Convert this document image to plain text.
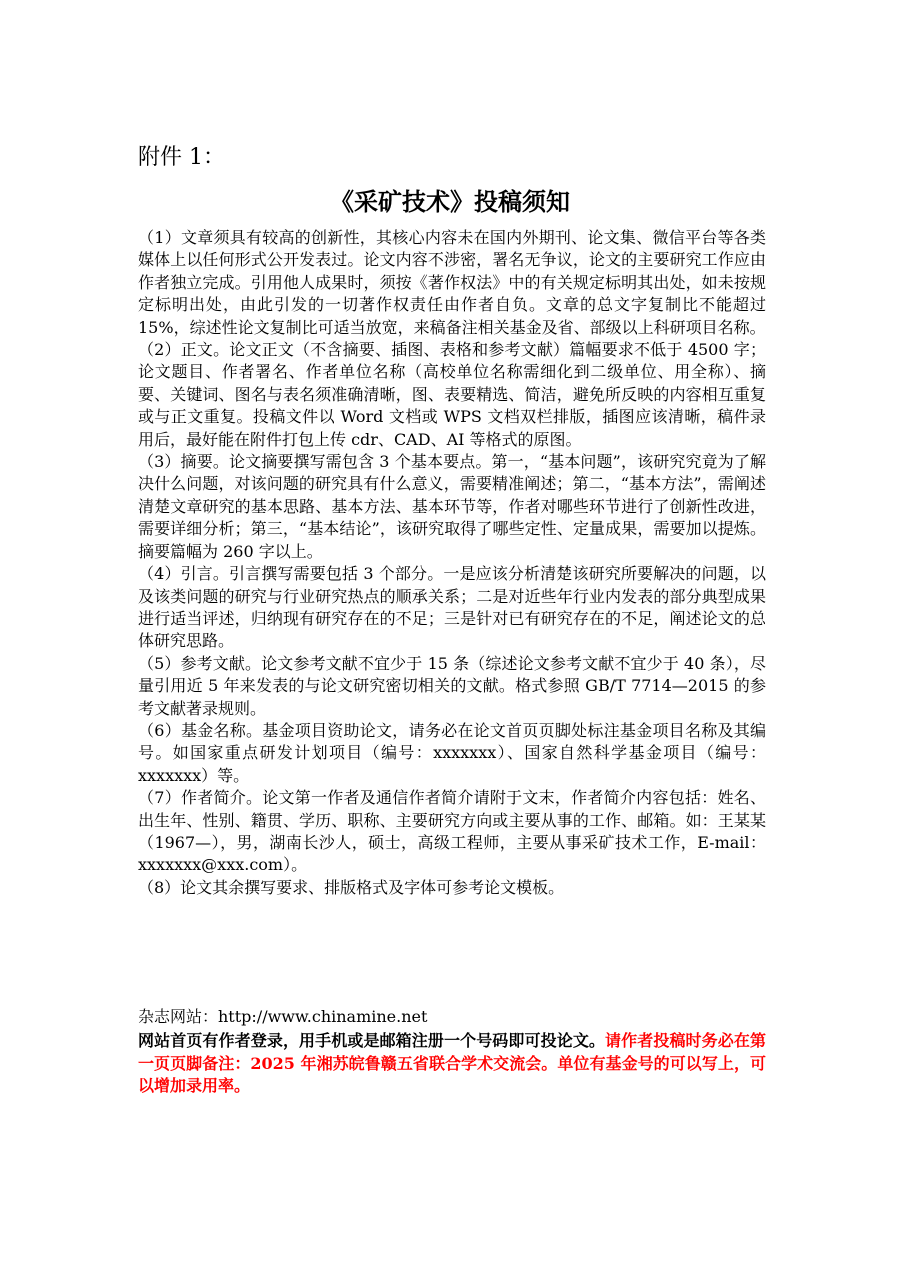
附件 1：
《采矿技术》投稿须知

（1）文章须具有较高的创新性，其核心内容未在国内外期刊、论文集、微信平台等各类媒体上以任何形式公开发表过。论文内容不涉密，署名无争议，论文的主要研究工作应由作者独立完成。引用他人成果时，须按《著作权法》中的有关规定标明其出处，如未按规定标明出处，由此引发的一切著作权责任由作者自负。文章的总文字复制比不能超过 15%，综述性论文复制比可适当放宽，来稿备注相关基金及省、部级以上科研项目名称。

（2）正文。论文正文（不含摘要、插图、表格和参考文献）篇幅要求不低于 4500 字；论文题目、作者署名、作者单位名称（高校单位名称需细化到二级单位、用全称）、摘要、关键词、图名与表名须准确清晰，图、表要精选、简洁，避免所反映的内容相互重复或与正文重复。投稿文件以 Word 文档或 WPS 文档双栏排版，插图应该清晰，稿件录用后，最好能在附件打包上传 cdr、CAD、AI 等格式的原图。

（3）摘要。论文摘要撰写需包含 3 个基本要点。第一，“基本问题”，该研究究竟为了解决什么问题，对该问题的研究具有什么意义，需要精准阐述；第二，“基本方法”，需阐述清楚文章研究的基本思路、基本方法、基本环节等，作者对哪些环节进行了创新性改进，需要详细分析；第三，“基本结论”，该研究取得了哪些定性、定量成果，需要加以提炼。摘要篇幅为 260 字以上。

（4）引言。引言撰写需要包括 3 个部分。一是应该分析清楚该研究所要解决的问题，以及该类问题的研究与行业研究热点的顺承关系；二是对近些年行业内发表的部分典型成果进行适当评述，归纳现有研究存在的不足；三是针对已有研究存在的不足，阐述论文的总体研究思路。

（5）参考文献。论文参考文献不宜少于 15 条（综述论文参考文献不宜少于 40 条），尽量引用近 5 年来发表的与论文研究密切相关的文献。格式参照 GB/T 7714—2015 的参考文献著录规则。

（6）基金名称。基金项目资助论文，请务必在论文首页页脚处标注基金项目名称及其编号。如国家重点研发计划项目（编号：xxxxxxx）、国家自然科学基金项目（编号：xxxxxxx）等。

（7）作者简介。论文第一作者及通信作者简介请附于文末，作者简介内容包括：姓名、出生年、性别、籍贯、学历、职称、主要研究方向或主要从事的工作、邮箱。如：王某某（1967—），男，湖南长沙人，硕士，高级工程师，主要从事采矿技术工作，E-mail：xxxxxxx@xxx.com）。

（8）论文其余撰写要求、排版格式及字体可参考论文模板。

杂志网站：http://www.chinamine.net

网站首页有作者登录，用手机或是邮箱注册一个号码即可投论文。请作者投稿时务必在第一页页脚备注：2025 年湘苏皖鲁赣五省联合学术交流会。单位有基金号的可以写上，可以增加录用率。
